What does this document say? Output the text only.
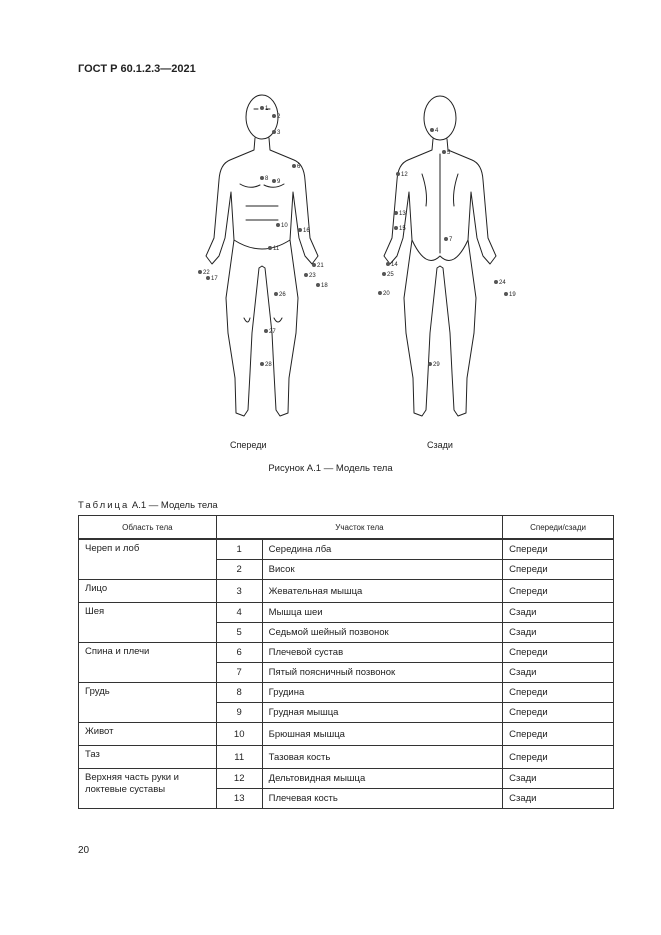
ГОСТ Р 60.1.2.3—2021
1
2
3
6
8 9
10
11
16
17
18
21
22	23
26
27
28
4
5
7
12
13
14
15
19
20
24
25
29
Спереди	Сзади
Рисунок А.1 — Модель тела
Таблица А.1 — Модель тела
Область тела	Участок тела		Спереди/сзади
Череп и лоб	1	Середина лба	Спереди
	2	Висок	Спереди
Лицо	3	Жевательная мышца	Спереди
Шея	4	Мышца шеи	Сзади
	5	Седьмой шейный позвонок	Сзади
Спина и плечи	6	Плечевой сустав	Спереди
	7	Пятый поясничный позвонок	Сзади
Грудь	8	Грудина	Спереди
	9	Грудная мышца	Спереди
Живот	10	Брюшная мышца	Спереди
Таз	11	Тазовая кость	Спереди
Верхняя часть руки и локтевые суставы	12	Дельтовидная мышца	Сзади
	13	Плечевая кость	Сзади
20
